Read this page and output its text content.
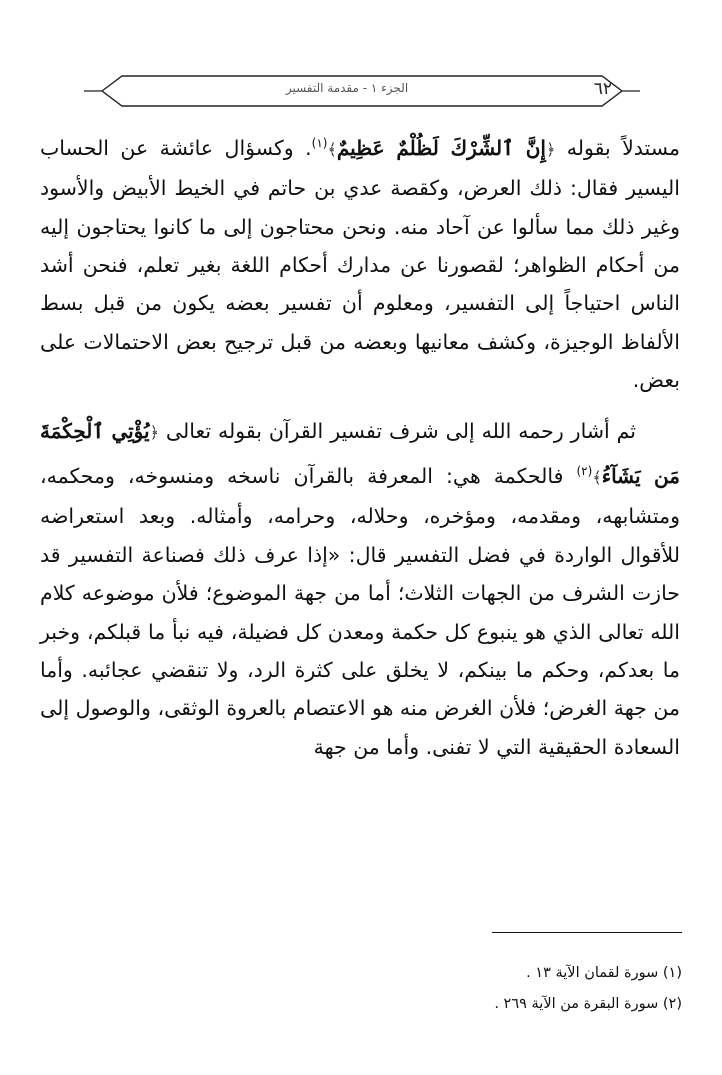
الجزء ١ - مقدمة التفسير	٦٢

مستدلاً بقوله ﴿إِنَّ ٱلشِّرْكَ لَظُلْمٌ عَظِيمٌ﴾$^{(١)}$. وكسؤال عائشة عن الحساب اليسير فقال: ذلك العرض، وكقصة عدي بن حاتم في الخيط الأبيض والأسود وغير ذلك مما سألوا عن آحاد منه. ونحن محتاجون إلى ما كانوا يحتاجون إليه من أحكام الظواهر؛ لقصورنا عن مدارك أحكام اللغة بغير تعلم، فنحن أشد الناس احتياجاً إلى التفسير، ومعلوم أن تفسير بعضه يكون من قبل بسط الألفاظ الوجيزة، وكشف معانيها وبعضه من قبل ترجيح بعض الاحتمالات على بعض.

ثم أشار رحمه الله إلى شرف تفسير القرآن بقوله تعالى ﴿يُؤْتِي ٱلْحِكْمَةَ مَن يَشَآءُ﴾$^{(٢)}$ فالحكمة هي: المعرفة بالقرآن ناسخه ومنسوخه، ومحكمه، ومتشابهه، ومقدمه، ومؤخره، وحلاله، وحرامه، وأمثاله. وبعد استعراضه للأقوال الواردة في فضل التفسير قال: «إذا عرف ذلك فصناعة التفسير قد حازت الشرف من الجهات الثلاث؛ أما من جهة الموضوع؛ فلأن موضوعه كلام الله تعالى الذي هو ينبوع كل حكمة ومعدن كل فضيلة، فيه نبأ ما قبلكم، وخبر ما بعدكم، وحكم ما بينكم، لا يخلق على كثرة الرد، ولا تنقضي عجائبه. وأما من جهة الغرض؛ فلأن الغرض منه هو الاعتصام بالعروة الوثقى، والوصول إلى السعادة الحقيقية التي لا تفنى. وأما من جهة

(١) سورة لقمان الآية ١٣ .
(٢) سورة البقرة من الآية ٢٦٩ .
